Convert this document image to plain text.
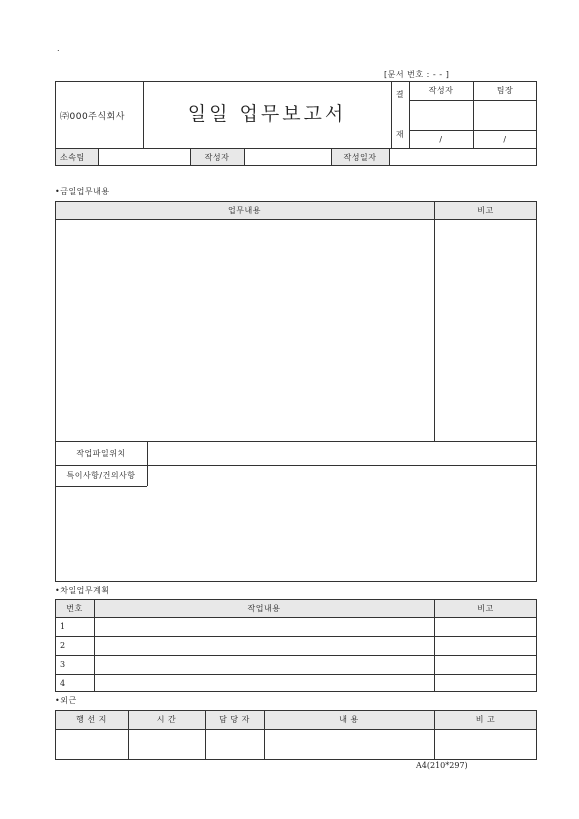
.
[문서 번호 : - - ]
㈜000주식회사	일일 업무보고서
결
재
작성자	팀장
/	/
소속팀	작성자	작성일자
•금일업무내용
업무내용	비고
작업파일위치
특이사항/건의사항
•차일업무계획
번호	작업내용	비고
1
2
3
4
•외근
행 선 지	시 간	담 당 자	내 용	비 고
A4(210*297)
